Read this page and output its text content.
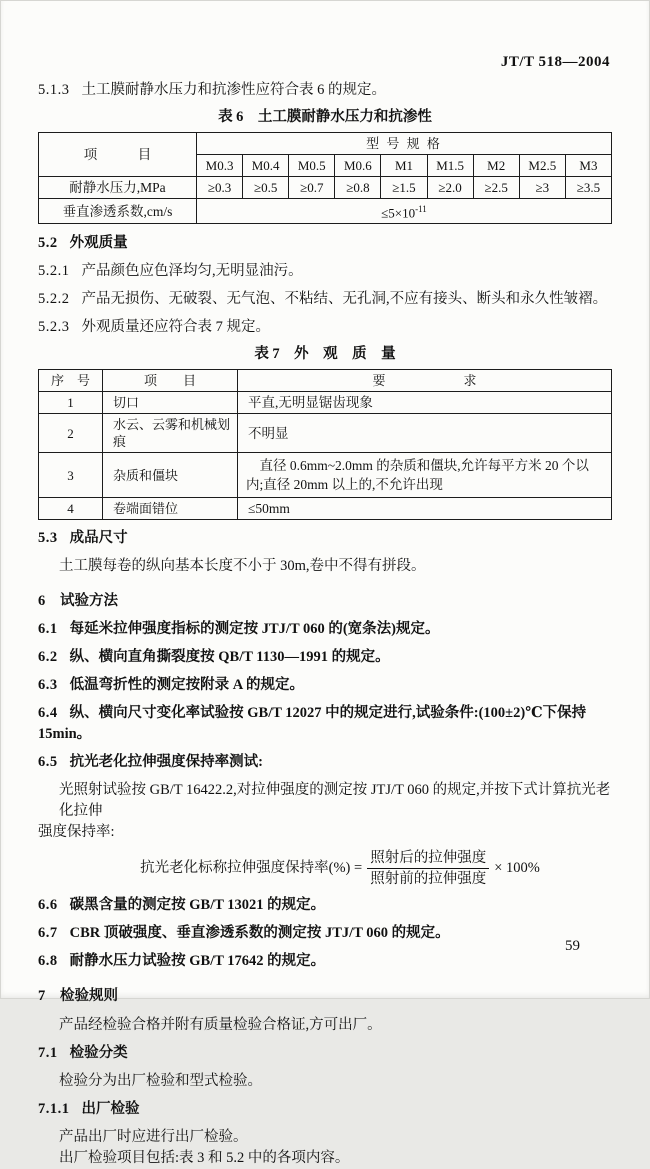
JT/T 518—2004

5.1.3 土工膜耐静水压力和抗渗性应符合表 6 的规定。

表 6　土工膜耐静水压力和抗渗性
项　　　目	型 号 规 格								
	M0.3	M0.4	M0.5	M0.6	M1	M1.5	M2	M2.5	M3
耐静水压力,MPa	≥0.3	≥0.5	≥0.7	≥0.8	≥1.5	≥2.0	≥2.5	≥3	≥3.5
垂直渗透系数,cm/s	$\le 5\times 10^{-11}$

5.2 外观质量

5.2.1 产品颜色应色泽均匀,无明显油污。

5.2.2 产品无损伤、无破裂、无气泡、不粘结、无孔洞,不应有接头、断头和永久性皱褶。

5.2.3 外观质量还应符合表 7 规定。

表 7　外　观　质　量
序　号	项　　目	要　　　　　　求
1	切口	平直,无明显锯齿现象
2	水云、云雾和机械划痕	不明显
3	杂质和僵块	直径 0.6mm~2.0mm 的杂质和僵块,允许每平方米 20 个以内;直径 20mm 以上的,不允许出现
4	卷端面错位	≤50mm

5.3 成品尺寸

土工膜每卷的纵向基本长度不小于 30m,卷中不得有拼段。

6 试验方法

6.1 每延米拉伸强度指标的测定按 JTJ/T 060 的(宽条法)规定。

6.2 纵、横向直角撕裂度按 QB/T 1130—1991 的规定。

6.3 低温弯折性的测定按附录 A 的规定。

6.4 纵、横向尺寸变化率试验按 GB/T 12027 中的规定进行,试验条件:(100±2)℃下保持 15min。

6.5 抗光老化拉伸强度保持率测试:

光照射试验按 GB/T 16422.2,对拉伸强度的测定按 JTJ/T 060 的规定,并按下式计算抗光老化拉伸

强度保持率:

抗光老化标称拉伸强度保持率(%) = $\frac{\text{照射后的拉伸强度}}{\text{照射前的拉伸强度}} \times 100\%$

6.6 碳黑含量的测定按 GB/T 13021 的规定。

6.7 CBR 顶破强度、垂直渗透系数的测定按 JTJ/T 060 的规定。

6.8 耐静水压力试验按 GB/T 17642 的规定。

7 检验规则

产品经检验合格并附有质量检验合格证,方可出厂。

7.1 检验分类

检验分为出厂检验和型式检验。

7.1.1 出厂检验

产品出厂时应进行出厂检验。

出厂检验项目包括:表 3 和 5.2 中的各项内容。

59
